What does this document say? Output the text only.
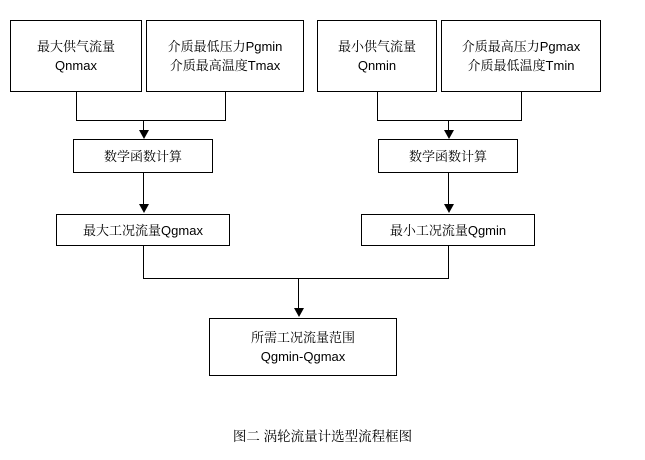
最大供气流量
Qnmax
介质最低压力Pgmin
介质最高温度Tmax
最小供气流量
Qnmin
介质最高压力Pgmax
介质最低温度Tmin
数学函数计算	数学函数计算
最大工况流量Qgmax	最小工况流量Qgmin
所需工况流量范围
Qgmin-Qgmax
图二 涡轮流量计选型流程框图
